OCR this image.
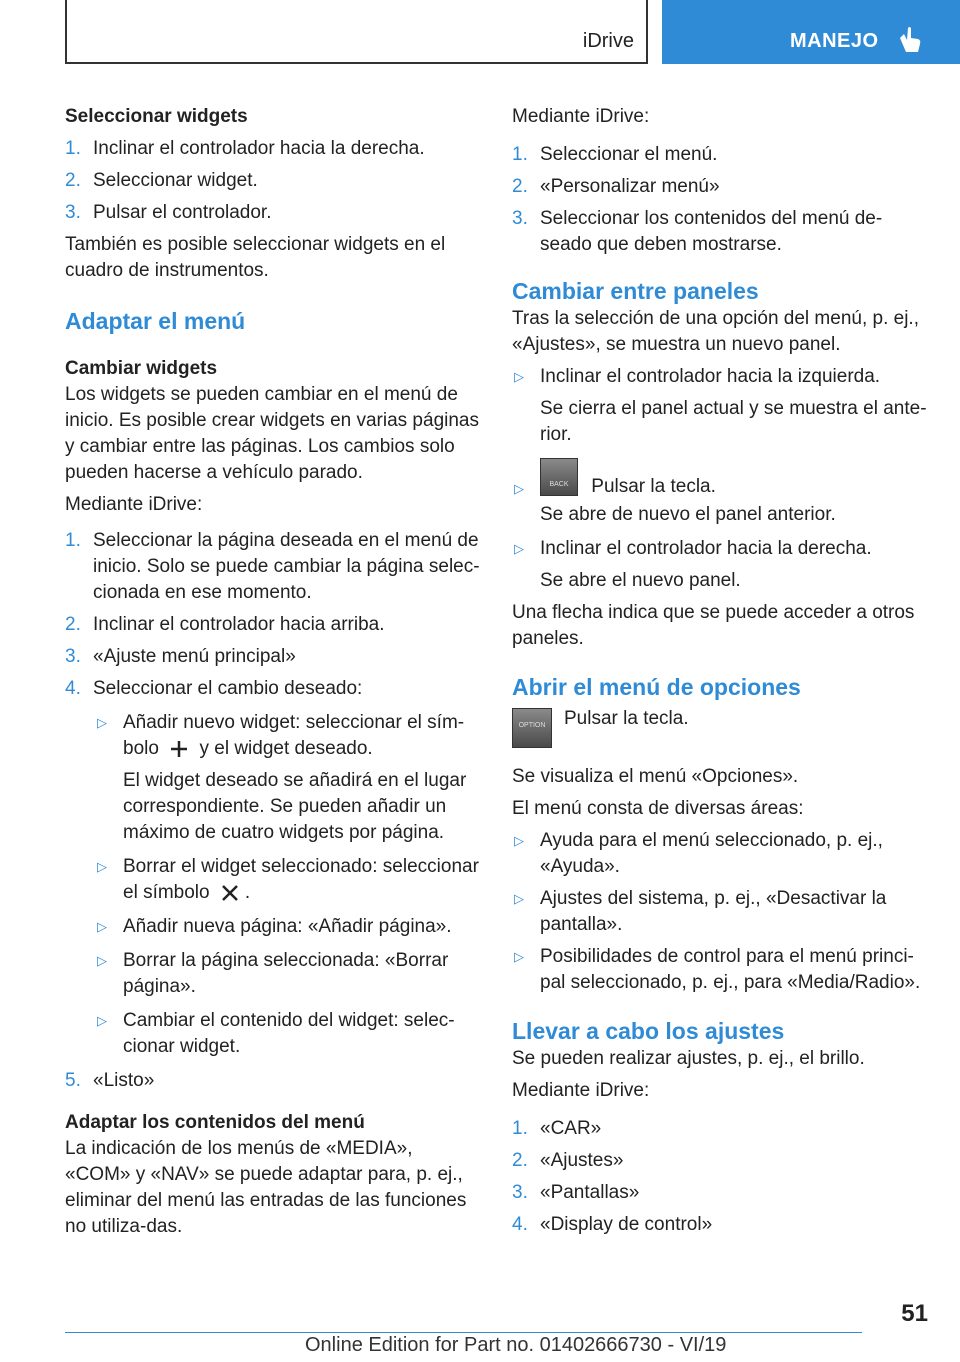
iDrive	MANEJO

Seleccionar widgets

1. Inclinar el controlador hacia la derecha.
2. Seleccionar widget.
3. Pulsar el controlador.

También es posible seleccionar widgets en el cuadro de instrumentos.

Adaptar el menú

Cambiar widgets

Los widgets se pueden cambiar en el menú de inicio. Es posible crear widgets en varias páginas y cambiar entre las páginas. Los cambios solo pueden hacerse a vehículo parado.

Mediante iDrive:

1. Seleccionar la página deseada en el menú de inicio. Solo se puede cambiar la página selec-cionada en ese momento.
2. Inclinar el controlador hacia arriba.
3. «Ajuste menú principal»
4. Seleccionar el cambio deseado:
▷ Añadir nuevo widget: seleccionar el sím-bolo y el widget deseado.
El widget deseado se añadirá en el lugar correspondiente. Se pueden añadir un máximo de cuatro widgets por página.
▷ Borrar el widget seleccionado: seleccionar el símbolo .
▷ Añadir nueva página: «Añadir página».
▷ Borrar la página seleccionada: «Borrar página».
▷ Cambiar el contenido del widget: selec-cionar widget.
5. «Listo»

Adaptar los contenidos del menú

La indicación de los menús de «MEDIA», «COM» y «NAV» se puede adaptar para, p. ej., eliminar del menú las entradas de las funciones no utiliza-das.

Mediante iDrive:

1. Seleccionar el menú.
2. «Personalizar menú»
3. Seleccionar los contenidos del menú de-seado que deben mostrarse.

Cambiar entre paneles

Tras la selección de una opción del menú, p. ej., «Ajustes», se muestra un nuevo panel.

▷ Inclinar el controlador hacia la izquierda.
Se cierra el panel actual y se muestra el ante-rior.
▷	BACK	Pulsar la tecla.
Se abre de nuevo el panel anterior.
▷ Inclinar el controlador hacia la derecha.
Se abre el nuevo panel.

Una flecha indica que se puede acceder a otros paneles.

Abrir el menú de opciones

OPTION Pulsar la tecla.

Se visualiza el menú «Opciones».

El menú consta de diversas áreas:

▷ Ayuda para el menú seleccionado, p. ej., «Ayuda».
▷ Ajustes del sistema, p. ej., «Desactivar la pantalla».
▷ Posibilidades de control para el menú princi-pal seleccionado, p. ej., para «Media/Radio».

Llevar a cabo los ajustes

Se pueden realizar ajustes, p. ej., el brillo.

Mediante iDrive:

1. «CAR»
2. «Ajustes»
3. «Pantallas»
4. «Display de control»
51
Online Edition for Part no. 01402666730 - VI/19
